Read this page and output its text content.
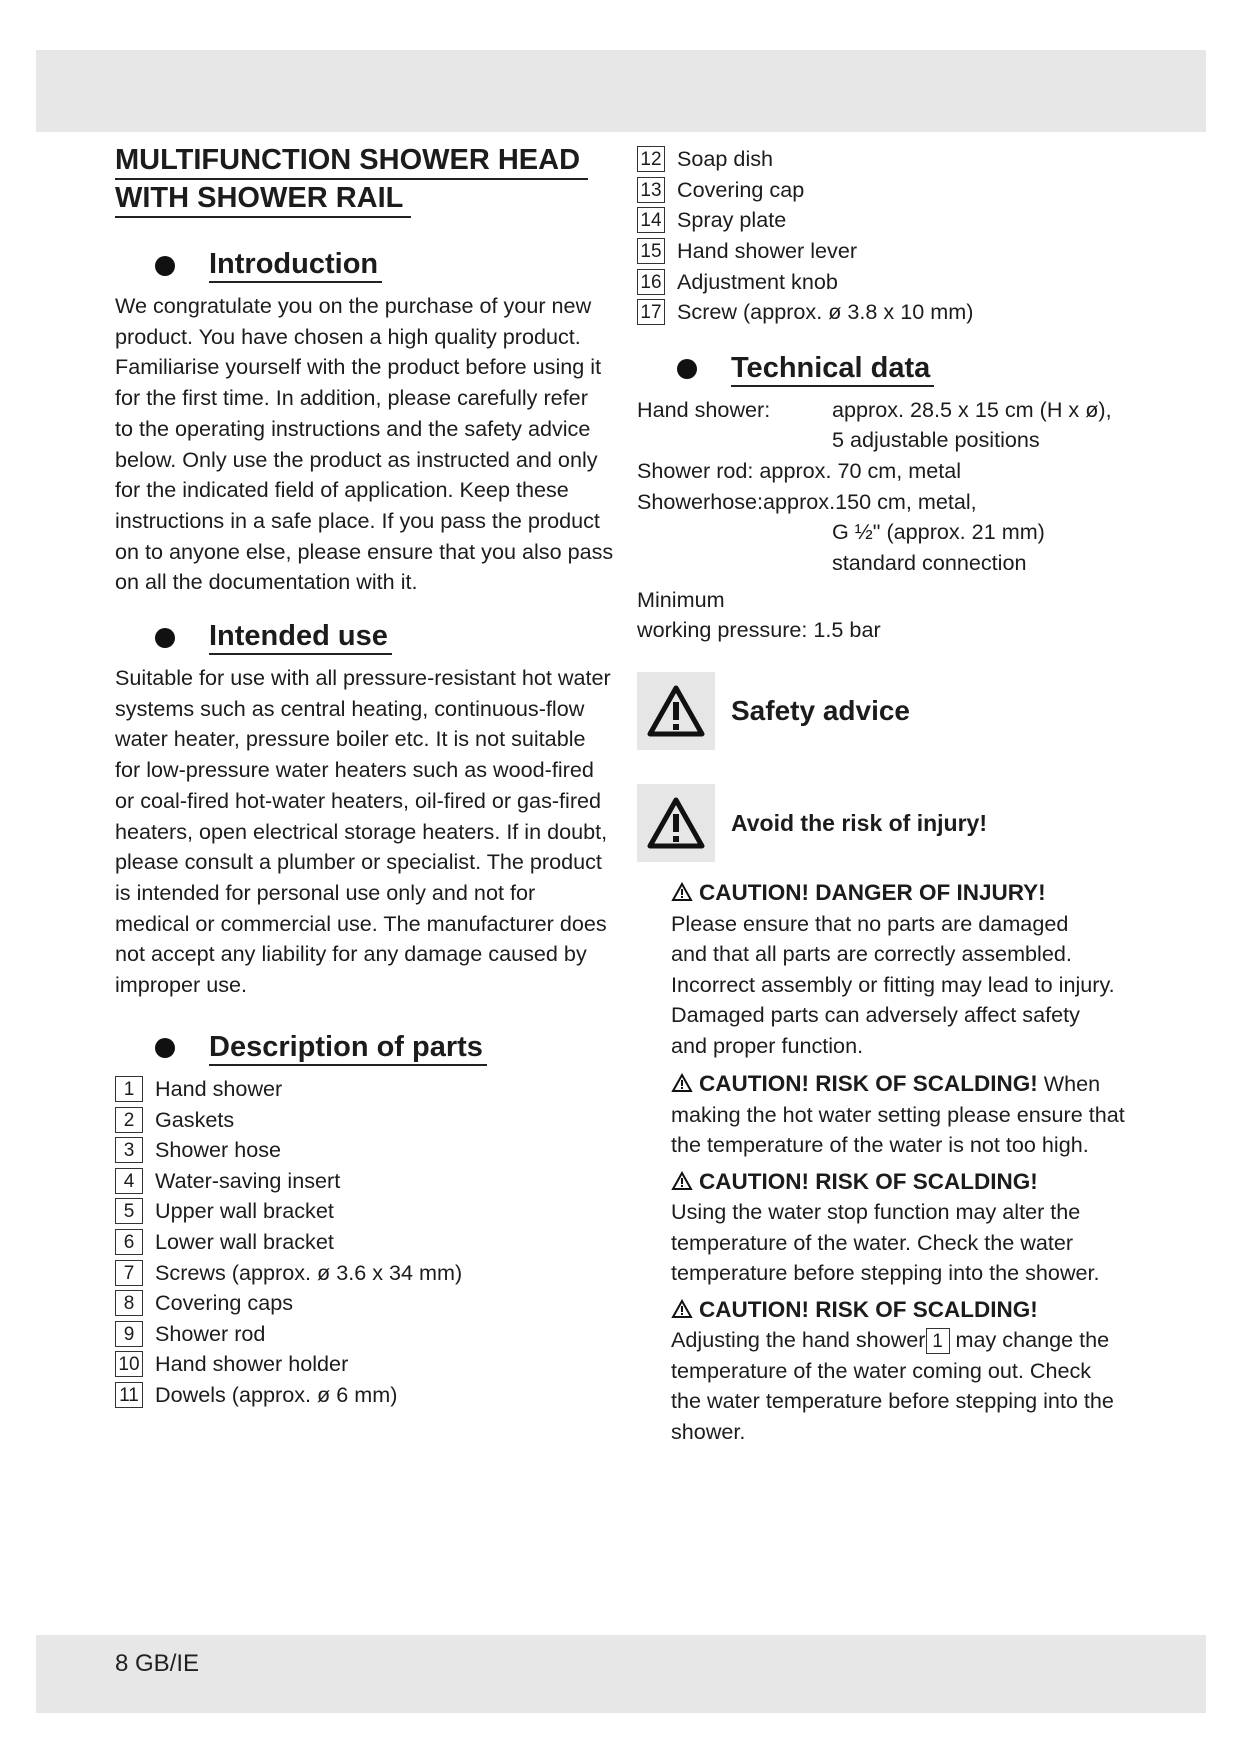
8 GB/IE
MULTIFUNCTION SHOWER HEAD
WITH SHOWER RAIL
Introduction
We congratulate you on the purchase of your new
product. You have chosen a high quality product.
Familiarise yourself with the product before using it
for the first time. In addition, please carefully refer
to the operating instructions and the safety advice
below. Only use the product as instructed and only
for the indicated field of application. Keep these
instructions in a safe place. If you pass the product
on to anyone else, please ensure that you also pass
on all the documentation with it.
Intended use
Suitable for use with all pressure-resistant hot water
systems such as central heating, continuous-flow
water heater, pressure boiler etc. It is not suitable
for low-pressure water heaters such as wood-fired
or coal-fired hot-water heaters, oil-fired or gas-fired
heaters, open electrical storage heaters. If in doubt,
please consult a plumber or specialist. The product
is intended for personal use only and not for
medical or commercial use. The manufacturer does
not accept any liability for any damage caused by
improper use.
Description of parts
1 Hand shower
2 Gaskets
3 Shower hose
4 Water-saving insert
5 Upper wall bracket
6 Lower wall bracket
7 Screws (approx. ø 3.6 x 34 mm)
8 Covering caps
9 Shower rod
10 Hand shower holder
11 Dowels (approx. ø 6 mm)
12 Soap dish
13 Covering cap
14 Spray plate
15 Hand shower lever
16 Adjustment knob
17 Screw (approx. ø 3.8 x 10 mm)
Technical data
Hand shower:	approx. 28.5 x 15 cm (H x ø),
5 adjustable positions
Shower rod: approx. 70 cm, metal
Showerhose:approx.150 cm, metal,
G ½" (approx. 21 mm)
standard connection
Minimum
working pressure: 1.5 bar
Safety advice
Avoid the risk of injury!
CAUTION! DANGER OF INJURY!
Please ensure that no parts are damaged
and that all parts are correctly assembled.
Incorrect assembly or fitting may lead to injury.
Damaged parts can adversely affect safety
and proper function.
CAUTION! RISK OF SCALDING! When
making the hot water setting please ensure that
the temperature of the water is not too high.
CAUTION! RISK OF SCALDING!
Using the water stop function may alter the
temperature of the water. Check the water
temperature before stepping into the shower.
CAUTION! RISK OF SCALDING!
Adjusting the hand shower 1 may change the
temperature of the water coming out. Check
the water temperature before stepping into the
shower.
